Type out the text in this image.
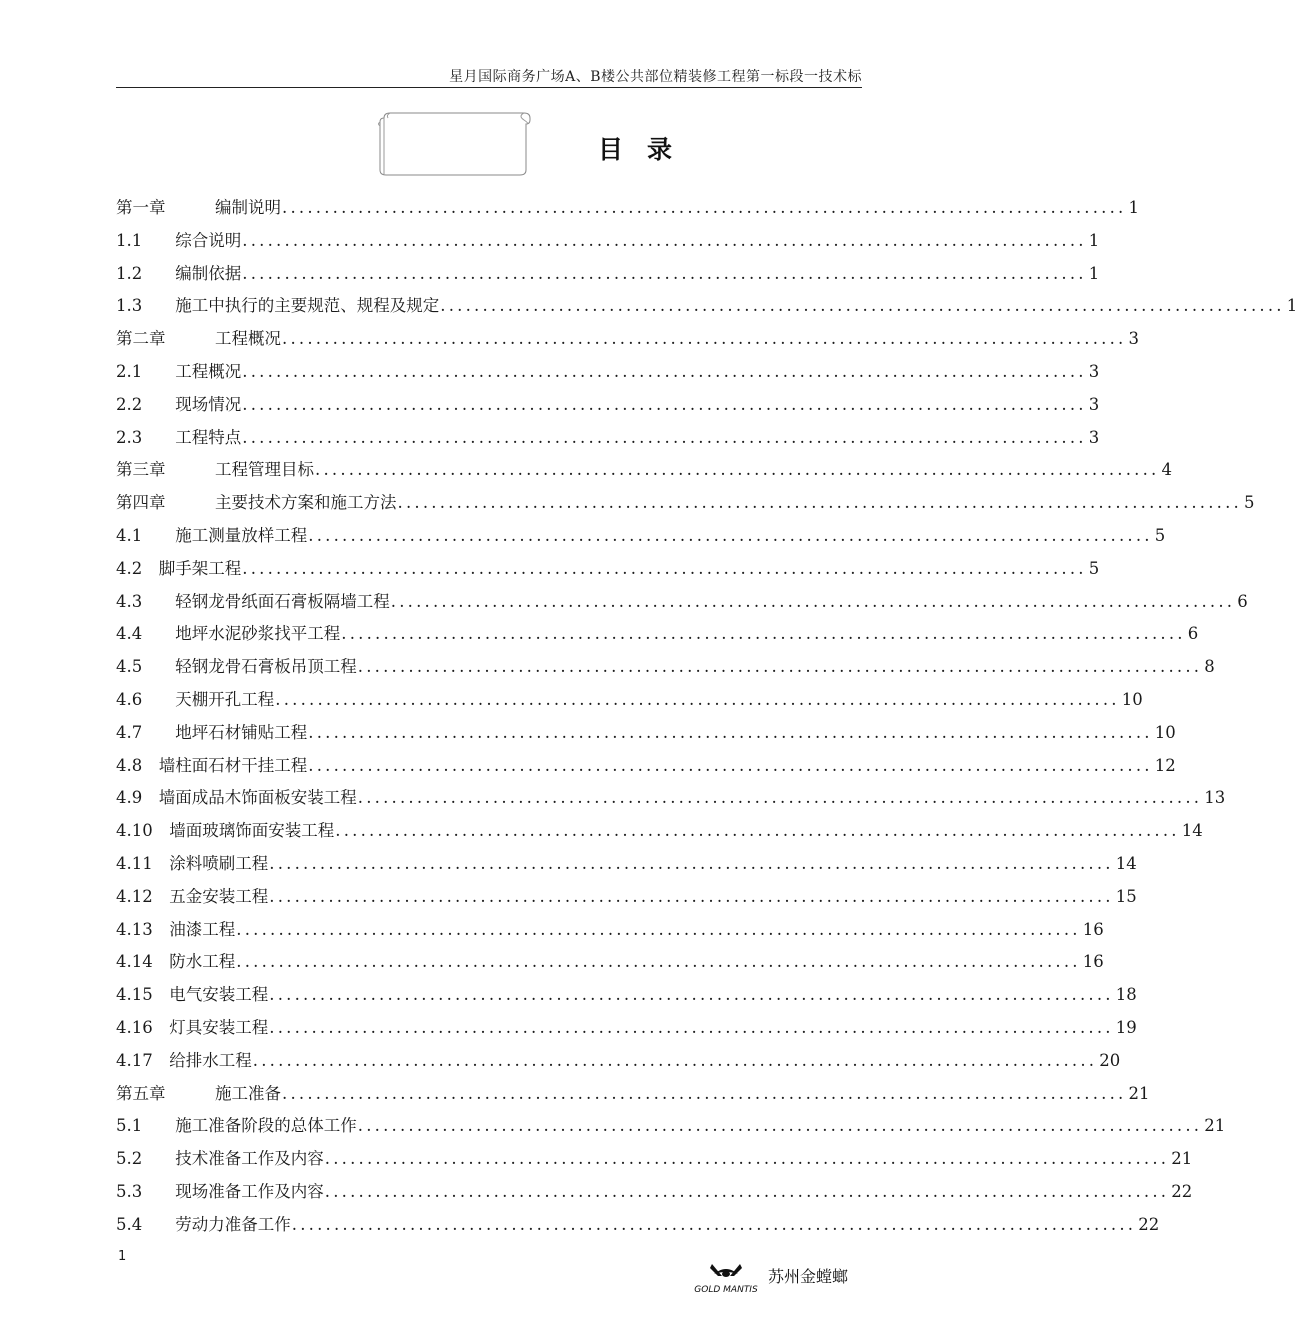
星月国际商务广场A、B楼公共部位精装修工程第一标段一技术标
目录
第一章	编制说明 .................................................................................................... 1
1.1 综合说明 .................................................................................................... 1
1.2 编制依据 .................................................................................................... 1
1.3 施工中执行的主要规范、规程及规定 .................................................................................................... 1
第二章	工程概况 .................................................................................................... 3
2.1 工程概况 .................................................................................................... 3
2.2 现场情况 .................................................................................................... 3
2.3 工程特点 .................................................................................................... 3
第三章	工程管理目标 .................................................................................................... 4
第四章	主要技术方案和施工方法 .................................................................................................... 5
4.1 施工测量放样工程 .................................................................................................... 5
4.2 脚手架工程 .................................................................................................... 5
4.3 轻钢龙骨纸面石膏板隔墙工程 .................................................................................................... 6
4.4 地坪水泥砂浆找平工程 .................................................................................................... 6
4.5 轻钢龙骨石膏板吊顶工程 .................................................................................................... 8
4.6 天棚开孔工程 .................................................................................................... 10
4.7 地坪石材铺贴工程 .................................................................................................... 10
4.8 墙柱面石材干挂工程 .................................................................................................... 12
4.9 墙面成品木饰面板安装工程 .................................................................................................... 13
4.10 墙面玻璃饰面安装工程 .................................................................................................... 14
4.11 涂料喷刷工程 .................................................................................................... 14
4.12 五金安装工程 .................................................................................................... 15
4.13 油漆工程 .................................................................................................... 16
4.14 防水工程 .................................................................................................... 16
4.15 电气安装工程 .................................................................................................... 18
4.16 灯具安装工程 .................................................................................................... 19
4.17 给排水工程 .................................................................................................... 20
第五章	施工准备 .................................................................................................... 21
5.1 施工准备阶段的总体工作 .................................................................................................... 21
5.2 技术准备工作及内容 .................................................................................................... 21
5.3 现场准备工作及内容 .................................................................................................... 22
5.4 劳动力准备工作 .................................................................................................... 22
1
GOLD MANTIS
苏州金螳螂
